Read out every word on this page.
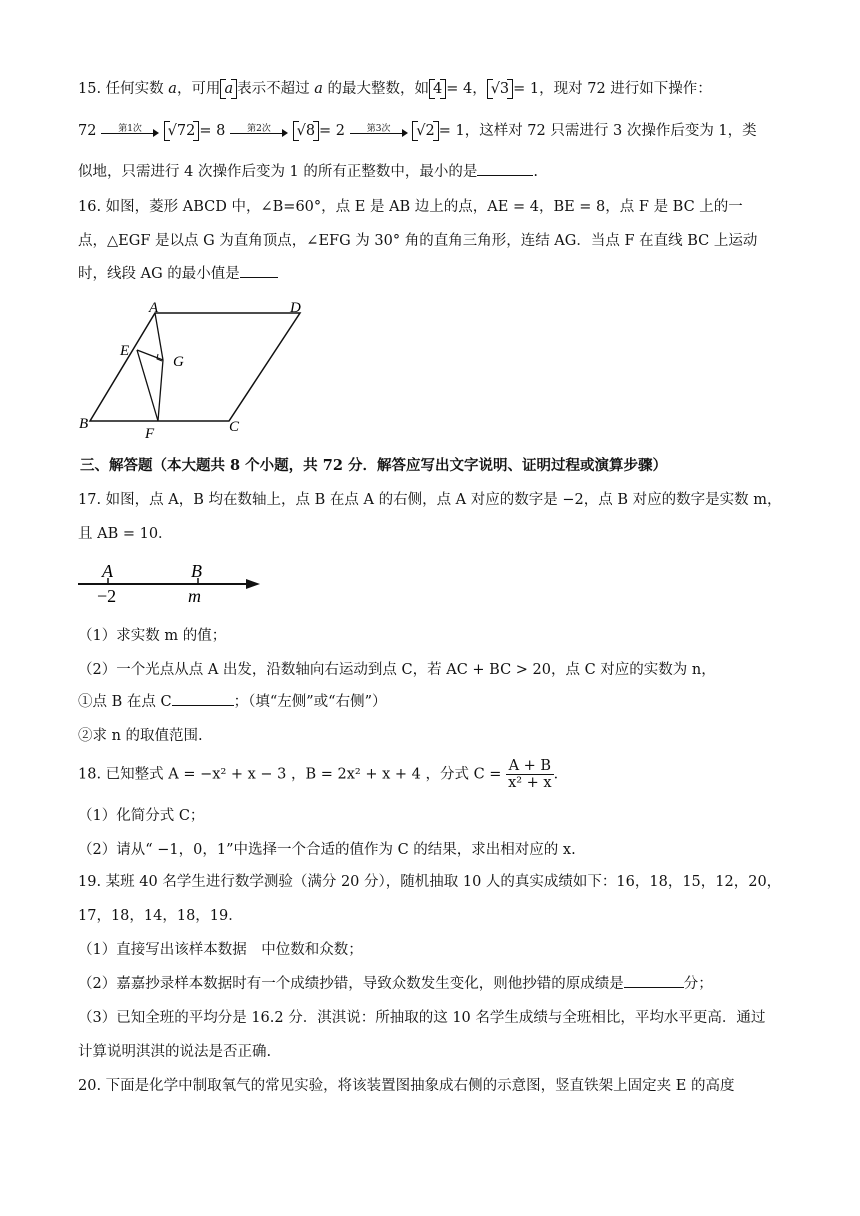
15. 任何实数 a，可用 a 表示不超过 a 的最大整数，如 4 = 4， √3 = 1，现对 72 进行如下操作：
72	第1次	√72 = 8	第2次	√8 = 2	第3次	√2 = 1，这样对 72 只需进行 3 次操作后变为 1，类
似地，只需进行 4 次操作后变为 1 的所有正整数中，最小的是	.
16. 如图，菱形 ABCD 中，∠B=60°，点 E 是 AB 边上的点，AE = 4，BE = 8，点 F 是 BC 上的一
点，△EGF 是以点 G 为直角顶点，∠EFG 为 30° 角的直角三角形，连结 AG．当点 F 在直线 BC 上运动
时，线段 AG 的最小值是
A	D
E
G
B	C
F
三、解答题（本大题共 8 个小题，共 72 分．解答应写出文字说明、证明过程或演算步骤）
17. 如图，点 A，B 均在数轴上，点 B 在点 A 的右侧，点 A 对应的数字是 −2，点 B 对应的数字是实数 m，
且 AB = 10．
A	B
−2	m
（1）求实数 m 的值；
（2）一个光点从点 A 出发，沿数轴向右运动到点 C，若 AC + BC > 20，点 C 对应的实数为 n，
①点 B 在点 C	；（填“左侧”或“右侧”）
②求 n 的取值范围.
18. 已知整式 A = −x² + x − 3 ，B = 2x² + x + 4 ，分式 $C = \frac{A + B}{\text{x² + x}}$ ．
（1）化简分式 C；
（2）请从“ −1，0，1”中选择一个合适的值作为 C 的结果，求出相对应的 x.
19. 某班 40 名学生进行数学测验（满分 20 分），随机抽取 10 人的真实成绩如下：16，18，15，12，20，
17，18，14，18，19．
（1）直接写出该样本数据　中位数和众数；
（2）嘉嘉抄录样本数据时有一个成绩抄错，导致众数发生变化，则他抄错的原成绩是	分；
（3）已知全班的平均分是 16.2 分．淇淇说：所抽取的这 10 名学生成绩与全班相比，平均水平更高．通过
计算说明淇淇的说法是否正确.
20. 下面是化学中制取氧气的常见实验，将该装置图抽象成右侧的示意图，竖直铁架上固定夹 E 的高度
